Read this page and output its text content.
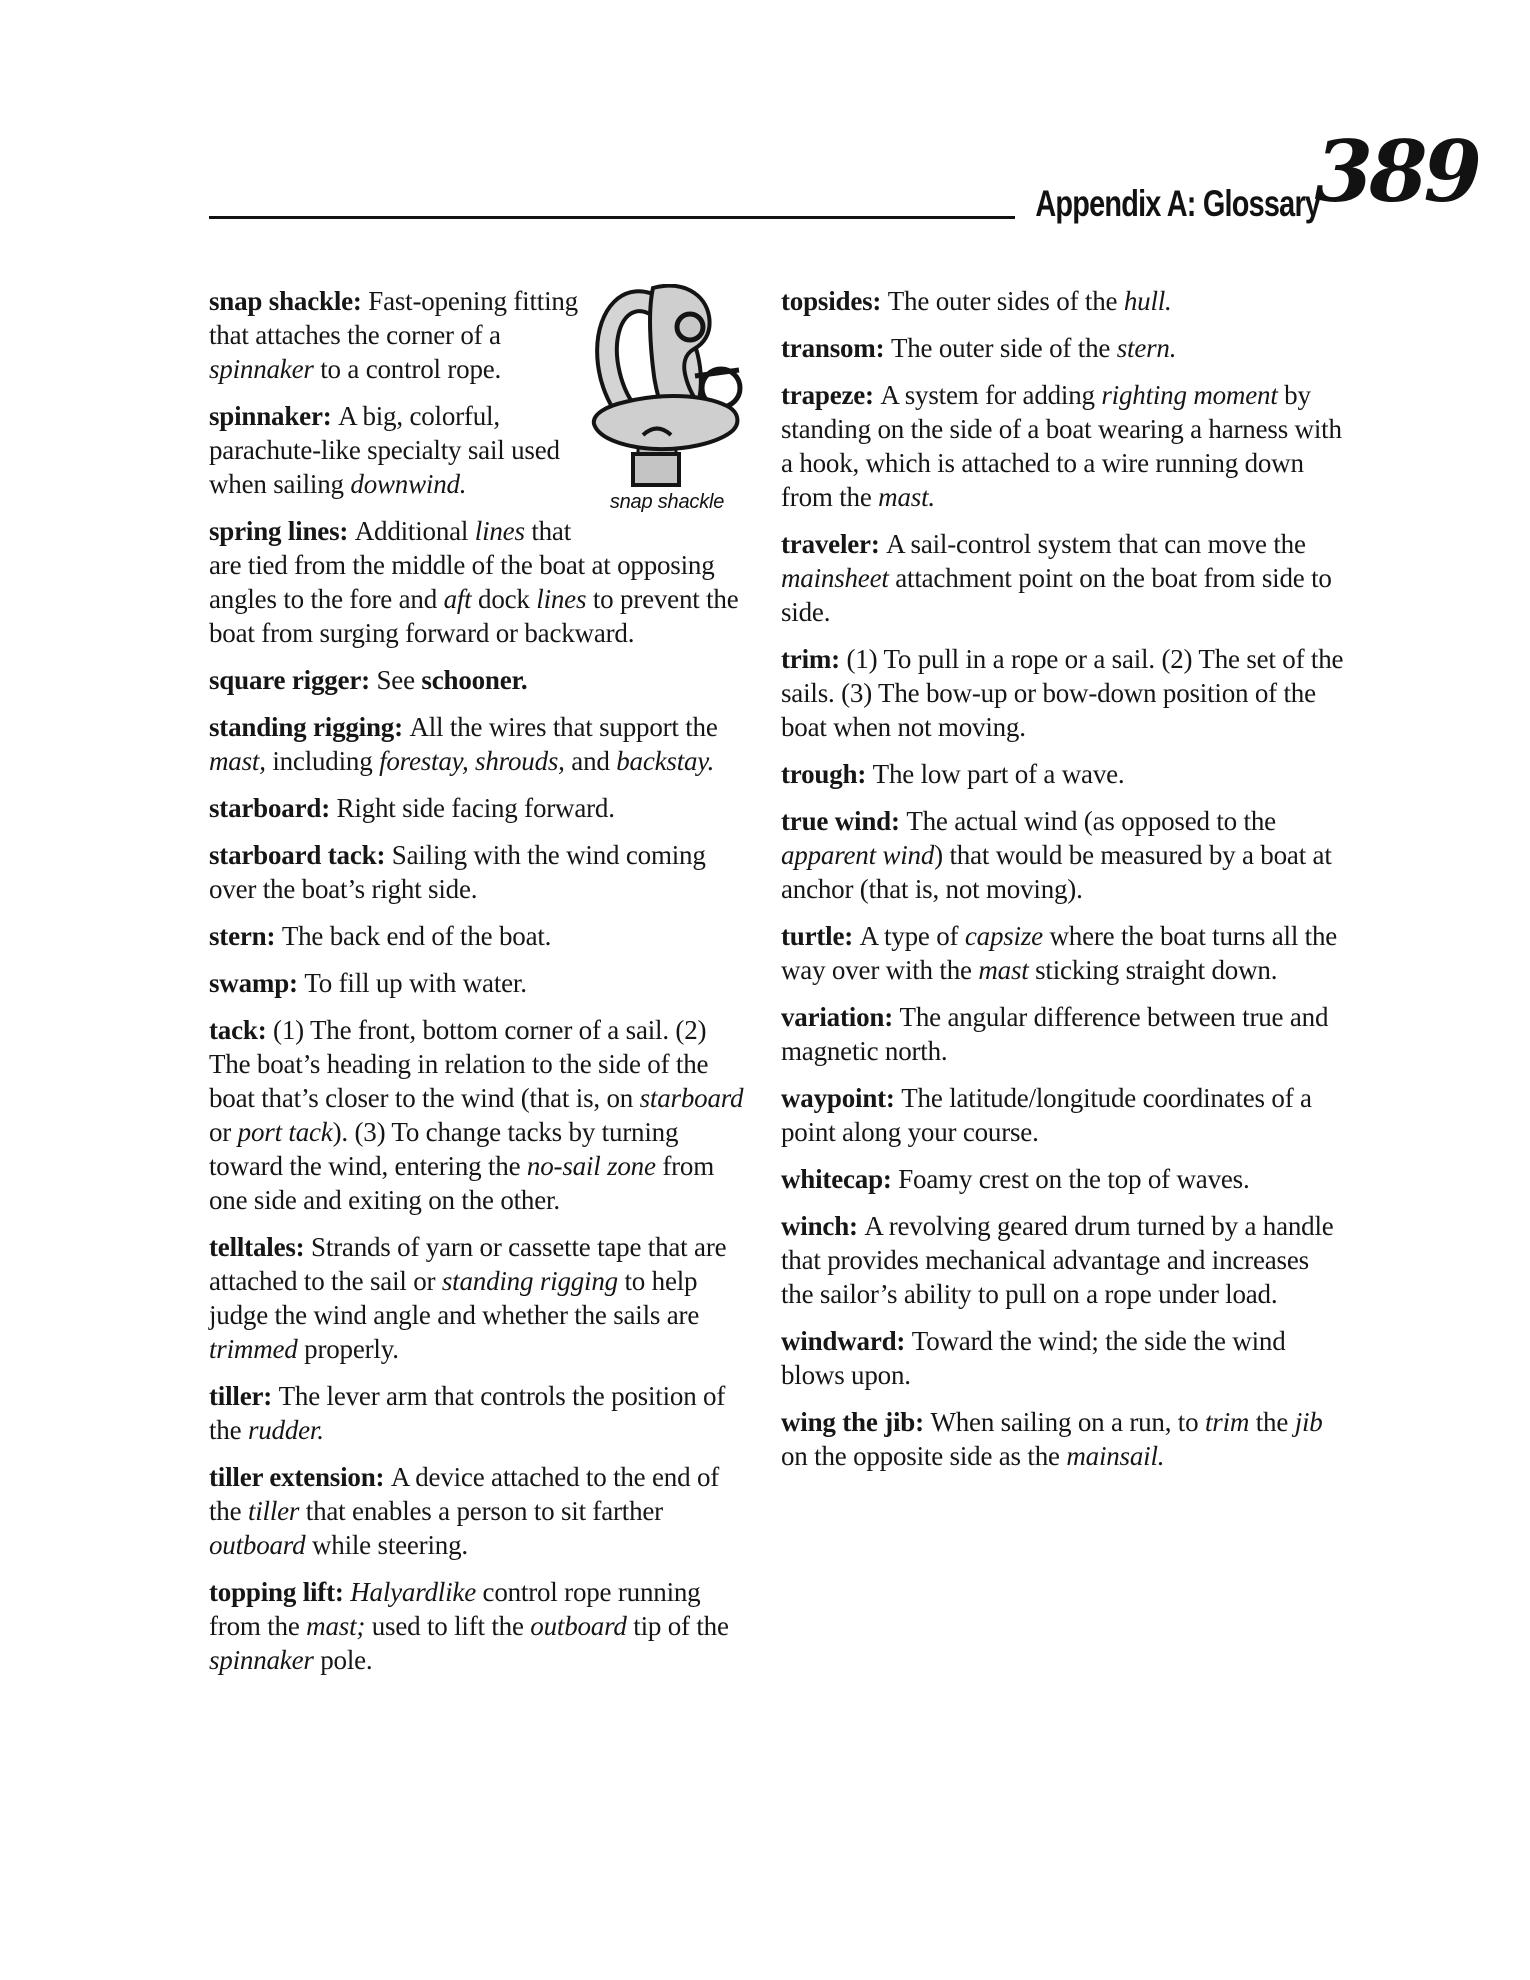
Appendix A: Glossary
389
snap shackle

snap shackle: Fast-opening fitting that attaches the corner of a spinnaker to a control rope.

spinnaker: A big, colorful, parachute-like specialty sail used when sailing downwind.

spring lines: Additional lines that are tied from the middle of the boat at opposing angles to the fore and aft dock lines to prevent the boat from surging forward or backward.

square rigger: See schooner.

standing rigging: All the wires that support the mast, including forestay, shrouds, and backstay.

starboard: Right side facing forward.

starboard tack: Sailing with the wind coming over the boat’s right side.

stern: The back end of the boat.

swamp: To fill up with water.

tack: (1) The front, bottom corner of a sail. (2) The boat’s heading in relation to the side of the boat that’s closer to the wind (that is, on starboard or port tack). (3) To change tacks by turning toward the wind, entering the no-sail zone from one side and exiting on the other.

telltales: Strands of yarn or cassette tape that are attached to the sail or standing rigging to help judge the wind angle and whether the sails are trimmed properly.

tiller: The lever arm that controls the position of the rudder.

tiller extension: A device attached to the end of the tiller that enables a person to sit farther outboard while steering.

topping lift: Halyardlike control rope running from the mast; used to lift the outboard tip of the spinnaker pole.

topsides: The outer sides of the hull.

transom: The outer side of the stern.

trapeze: A system for adding righting moment by standing on the side of a boat wearing a harness with a hook, which is attached to a wire running down from the mast.

traveler: A sail-control system that can move the mainsheet attachment point on the boat from side to side.

trim: (1) To pull in a rope or a sail. (2) The set of the sails. (3) The bow-up or bow-down position of the boat when not moving.

trough: The low part of a wave.

true wind: The actual wind (as opposed to the apparent wind) that would be measured by a boat at anchor (that is, not moving).

turtle: A type of capsize where the boat turns all the way over with the mast sticking straight down.

variation: The angular difference between true and magnetic north.

waypoint: The latitude/longitude coordinates of a point along your course.

whitecap: Foamy crest on the top of waves.

winch: A revolving geared drum turned by a handle that provides mechanical advantage and increases the sailor’s ability to pull on a rope under load.

windward: Toward the wind; the side the wind blows upon.

wing the jib: When sailing on a run, to trim the jib on the opposite side as the mainsail.
